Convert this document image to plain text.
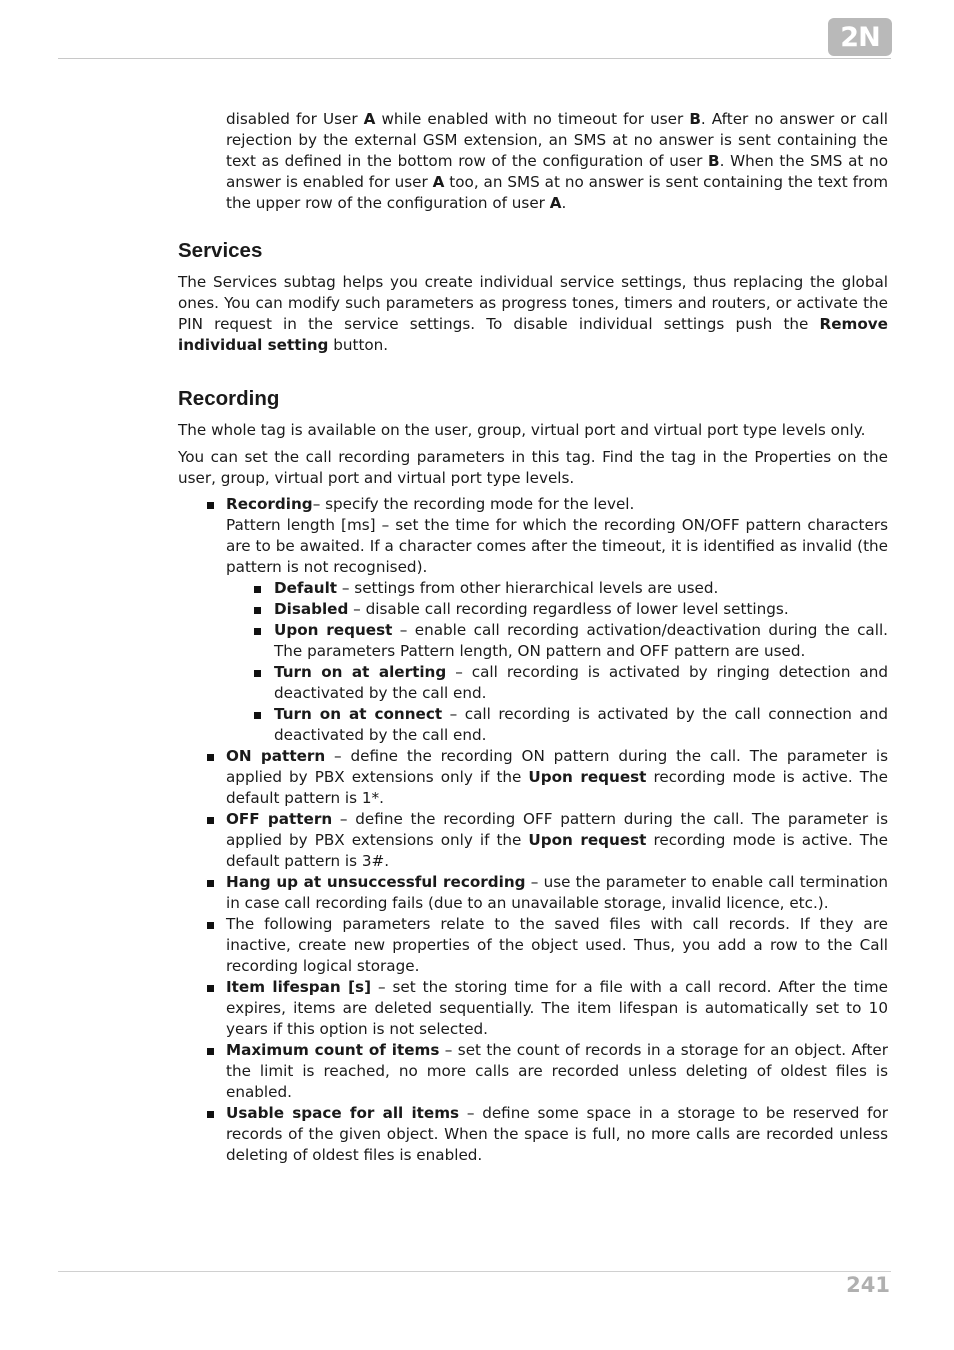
2N

disabled for User A while enabled with no timeout for user B. After no answer or call rejection by the external GSM extension, an SMS at no answer is sent containing the text as defined in the bottom row of the configuration of user B. When the SMS at no answer is enabled for user A too, an SMS at no answer is sent containing the text from the upper row of the configuration of user A.

Services

The Services subtag helps you create individual service settings, thus replacing the global ones. You can modify such parameters as progress tones, timers and routers, or activate the PIN request in the service settings. To disable individual settings push the Remove individual setting button.

Recording

The whole tag is available on the user, group, virtual port and virtual port type levels only.

You can set the call recording parameters in this tag. Find the tag in the Properties on the user, group, virtual port and virtual port type levels.

Recording– specify the recording mode for the level.

Pattern length [ms] – set the time for which the recording ON/OFF pattern characters are to be awaited. If a character comes after the timeout, it is identified as invalid (the pattern is not recognised).

Default – settings from other hierarchical levels are used.

Disabled – disable call recording regardless of lower level settings.

Upon request – enable call recording activation/deactivation during the call. The parameters Pattern length, ON pattern and OFF pattern are used.

Turn on at alerting – call recording is activated by ringing detection and deactivated by the call end.

Turn on at connect – call recording is activated by the call connection and deactivated by the call end.

ON pattern – define the recording ON pattern during the call. The parameter is applied by PBX extensions only if the Upon request recording mode is active. The default pattern is 1*.

OFF pattern – define the recording OFF pattern during the call. The parameter is applied by PBX extensions only if the Upon request recording mode is active. The default pattern is 3#.

Hang up at unsuccessful recording – use the parameter to enable call termination in case call recording fails (due to an unavailable storage, invalid licence, etc.).

The following parameters relate to the saved files with call records. If they are inactive, create new properties of the object used. Thus, you add a row to the Call recording logical storage.

Item lifespan [s] – set the storing time for a file with a call record. After the time expires, items are deleted sequentially. The item lifespan is automatically set to 10 years if this option is not selected.

Maximum count of items – set the count of records in a storage for an object. After the limit is reached, no more calls are recorded unless deleting of oldest files is enabled.

Usable space for all items – define some space in a storage to be reserved for records of the given object. When the space is full, no more calls are recorded unless deleting of oldest files is enabled.

241
